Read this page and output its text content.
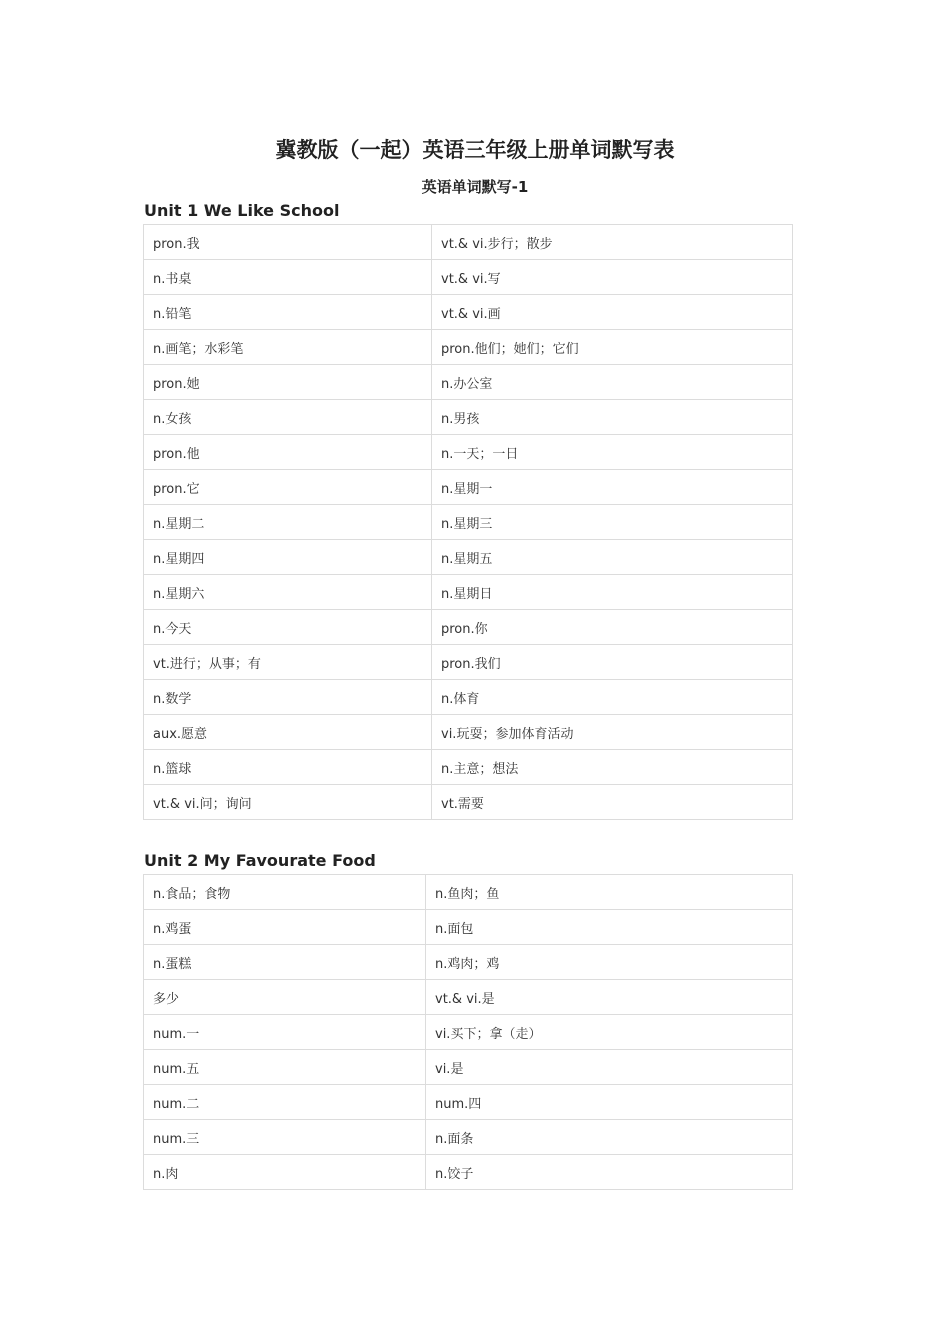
冀教版（一起）英语三年级上册单词默写表
英语单词默写-1
Unit 1 We Like School
pron.我	vt.& vi.步行；散步
n.书桌	vt.& vi.写
n.铅笔	vt.& vi.画
n.画笔；水彩笔	pron.他们；她们；它们
pron.她	n.办公室
n.女孩	n.男孩
pron.他	n.一天；一日
pron.它	n.星期一
n.星期二	n.星期三
n.星期四	n.星期五
n.星期六	n.星期日
n.今天	pron.你
vt.进行；从事；有	pron.我们
n.数学	n.体育
aux.愿意	vi.玩耍；参加体育活动
n.篮球	n.主意；想法
vt.& vi.问；询问	vt.需要
Unit 2 My Favourate Food
n.食品；食物	n.鱼肉；鱼
n.鸡蛋	n.面包
n.蛋糕	n.鸡肉；鸡
多少	vt.& vi.是
num.一	vi.买下；拿（走）
num.五	vi.是
num.二	num.四
num.三	n.面条
n.肉	n.饺子
